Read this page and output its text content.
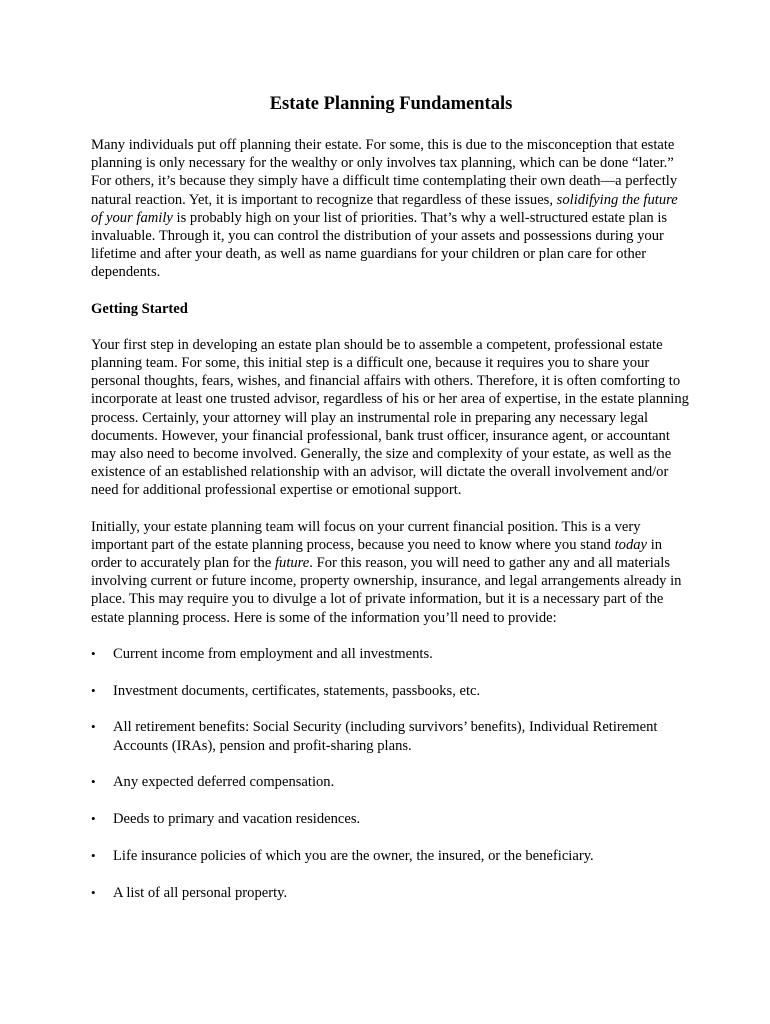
Estate Planning Fundamentals

Many individuals put off planning their estate. For some, this is due to the misconception that estate planning is only necessary for the wealthy or only involves tax planning, which can be done “later.” For others, it’s because they simply have a difficult time contemplating their own death—a perfectly natural reaction. Yet, it is important to recognize that regardless of these issues, solidifying the future of your family is probably high on your list of priorities. That’s why a well-structured estate plan is invaluable. Through it, you can control the distribution of your assets and possessions during your lifetime and after your death, as well as name guardians for your children or plan care for other dependents.

Getting Started

Your first step in developing an estate plan should be to assemble a competent, professional estate planning team. For some, this initial step is a difficult one, because it requires you to share your personal thoughts, fears, wishes, and financial affairs with others. Therefore, it is often comforting to incorporate at least one trusted advisor, regardless of his or her area of expertise, in the estate planning process. Certainly, your attorney will play an instrumental role in preparing any necessary legal documents. However, your financial professional, bank trust officer, insurance agent, or accountant may also need to become involved. Generally, the size and complexity of your estate, as well as the existence of an established relationship with an advisor, will dictate the overall involvement and/or need for additional professional expertise or emotional support.

Initially, your estate planning team will focus on your current financial position. This is a very important part of the estate planning process, because you need to know where you stand today in order to accurately plan for the future. For this reason, you will need to gather any and all materials involving current or future income, property ownership, insurance, and legal arrangements already in place. This may require you to divulge a lot of private information, but it is a necessary part of the estate planning process. Here is some of the information you’ll need to provide:

• Current income from employment and all investments.
• Investment documents, certificates, statements, passbooks, etc.
• All retirement benefits: Social Security (including survivors’ benefits), Individual Retirement Accounts (IRAs), pension and profit-sharing plans.
• Any expected deferred compensation.
• Deeds to primary and vacation residences.
• Life insurance policies of which you are the owner, the insured, or the beneficiary.
• A list of all personal property.
